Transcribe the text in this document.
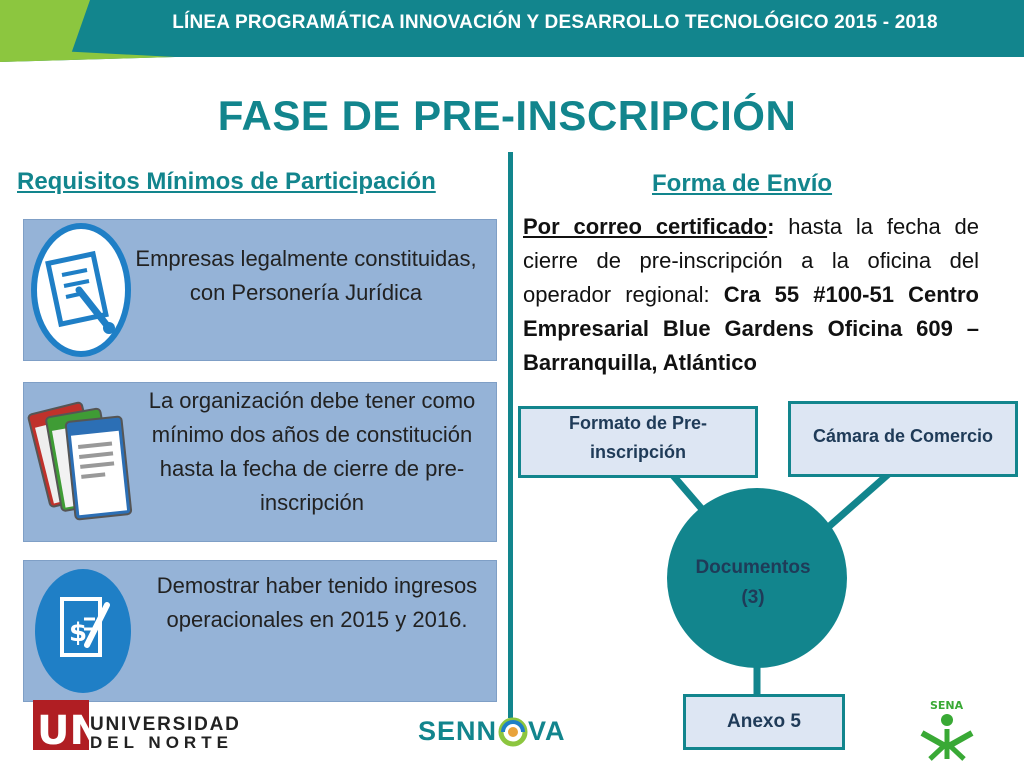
LÍNEA PROGRAMÁTICA INNOVACIÓN Y DESARROLLO TECNOLÓGICO 2015 - 2018
FASE DE PRE-INSCRIPCIÓN
Requisitos Mínimos de Participación	Forma de Envío
Empresas legalmente constituidas, con Personería Jurídica
La organización debe tener como mínimo dos años de constitución hasta la fecha de cierre de pre-inscripción
$
Demostrar haber tenido ingresos operacionales en 2015 y 2016.
Por correo certificado: hasta la fecha de cierre de pre-inscripción a la oficina del operador regional: Cra 55 #100-51 Centro Empresarial Blue Gardens Oficina 609 – Barranquilla, Atlántico
Formato de Pre-inscripción
Cámara de Comercio
Anexo 5
Documentos
(3)
UN
UNIVERSIDAD
DEL NORTE	SENN VA
SENA
